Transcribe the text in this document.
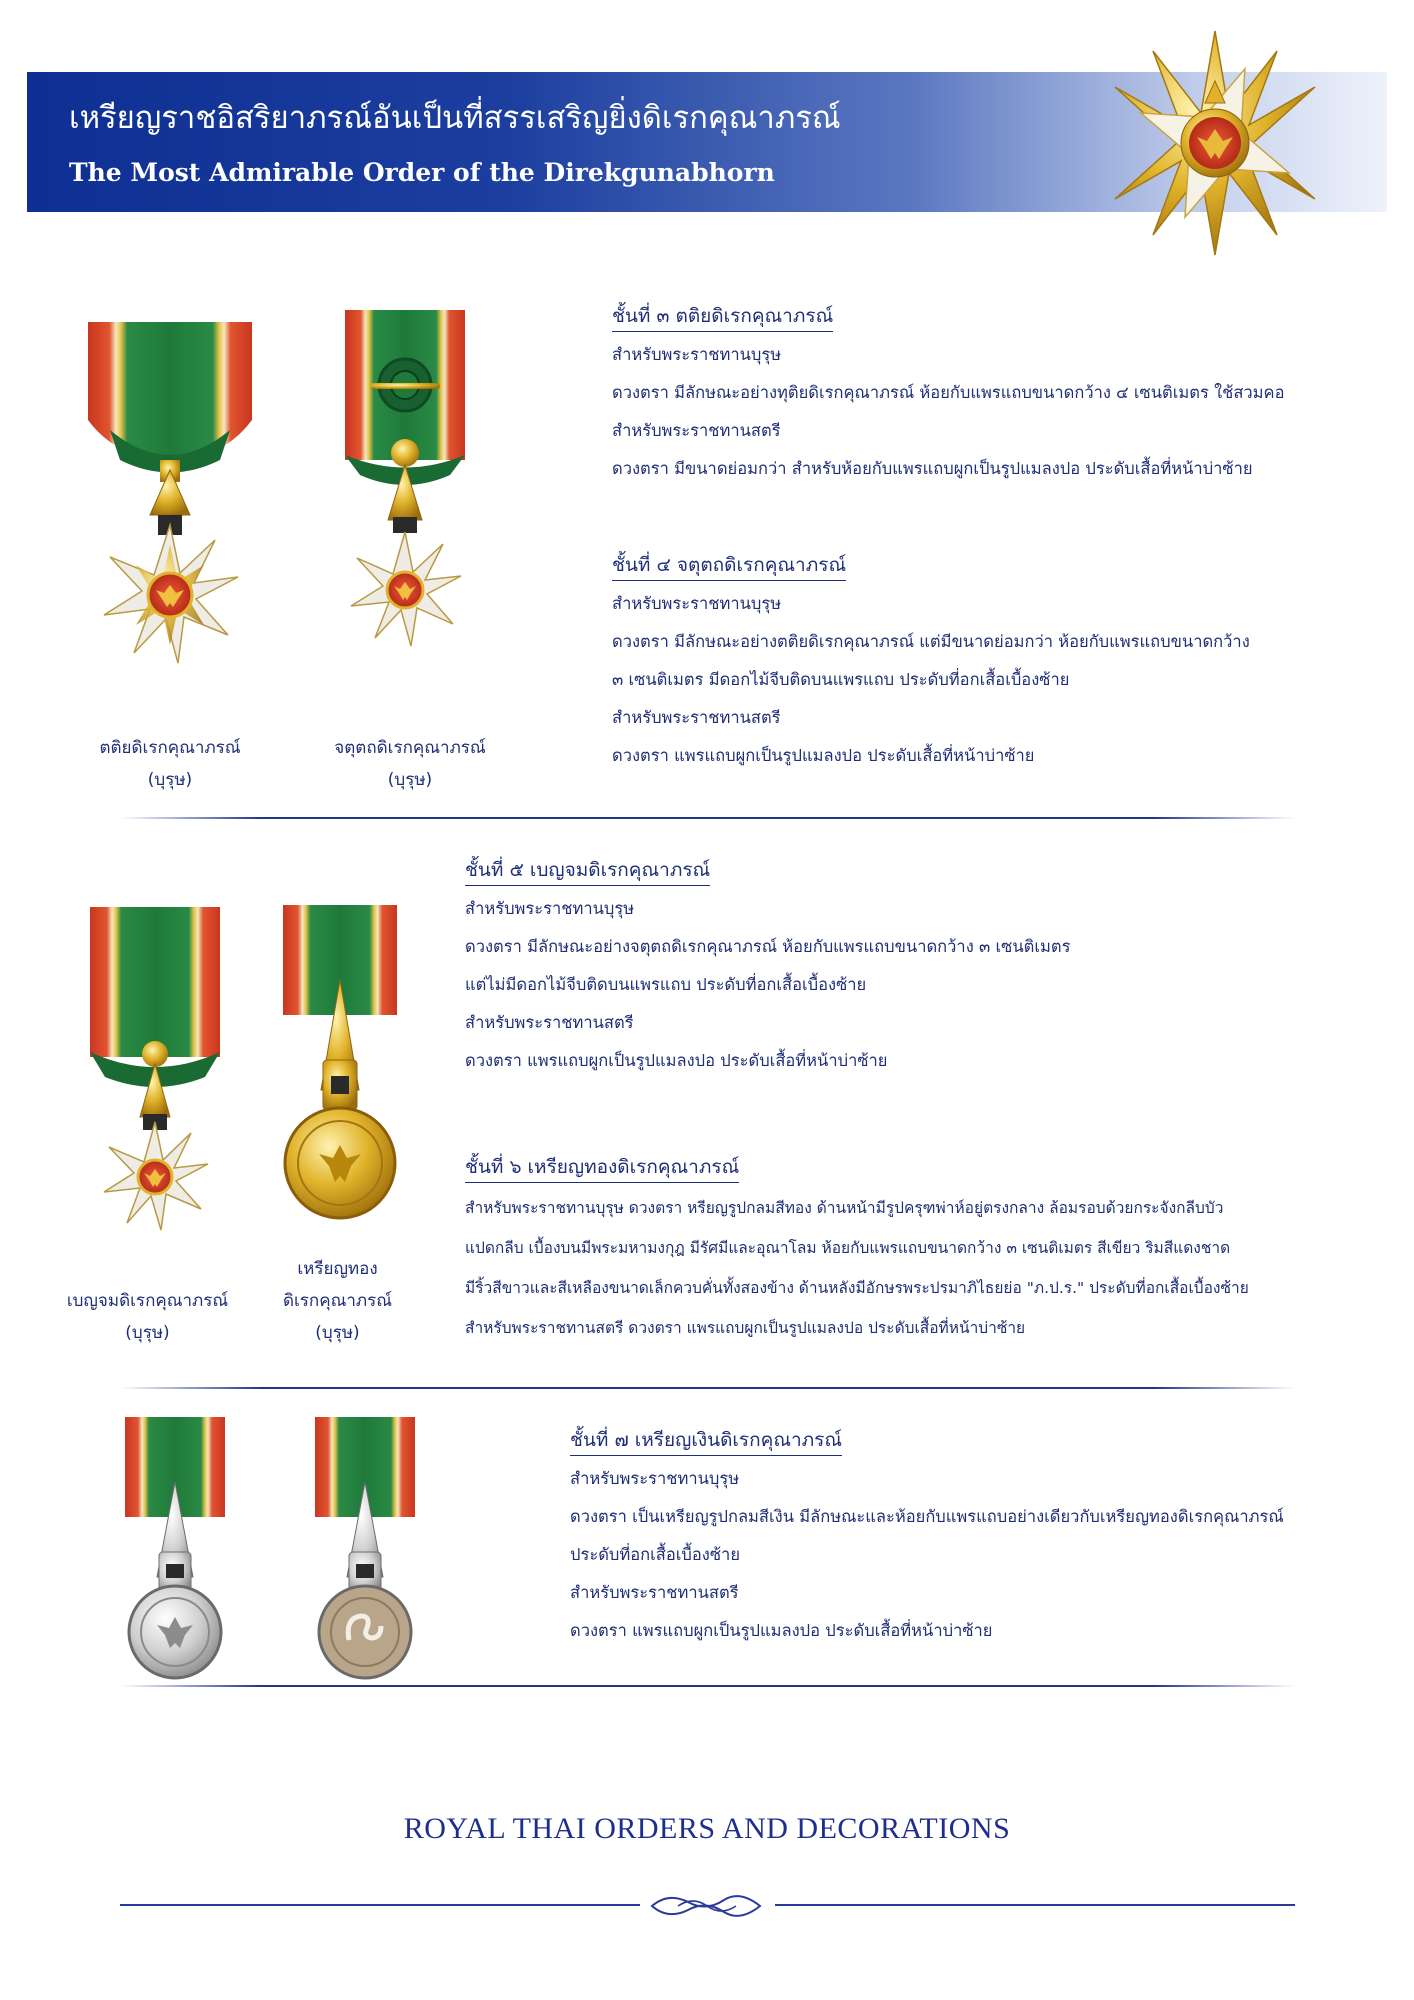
เหรียญราชอิสริยาภรณ์อันเป็นที่สรรเสริญยิ่งดิเรกคุณาภรณ์
The Most Admirable Order of the Direkgunabhorn
ตติยดิเรกคุณาภรณ์
(บุรุษ)
จตุตถดิเรกคุณาภรณ์
(บุรุษ)
ชั้นที่ ๓ ตติยดิเรกคุณาภรณ์
สำหรับพระราชทานบุรุษ
ดวงตรา มีลักษณะอย่างทุติยดิเรกคุณาภรณ์ ห้อยกับแพรแถบขนาดกว้าง ๔ เซนติเมตร ใช้สวมคอ
สำหรับพระราชทานสตรี
ดวงตรา มีขนาดย่อมกว่า สำหรับห้อยกับแพรแถบผูกเป็นรูปแมลงปอ ประดับเสื้อที่หน้าบ่าซ้าย
ชั้นที่ ๔ จตุตถดิเรกคุณาภรณ์
สำหรับพระราชทานบุรุษ
ดวงตรา มีลักษณะอย่างตติยดิเรกคุณาภรณ์ แต่มีขนาดย่อมกว่า ห้อยกับแพรแถบขนาดกว้าง
๓ เซนติเมตร มีดอกไม้จีบติดบนแพรแถบ ประดับที่อกเสื้อเบื้องซ้าย
สำหรับพระราชทานสตรี
ดวงตรา แพรแถบผูกเป็นรูปแมลงปอ ประดับเสื้อที่หน้าบ่าซ้าย
เบญจมดิเรกคุณาภรณ์
(บุรุษ)
เหรียญทอง
ดิเรกคุณาภรณ์
(บุรุษ)
ชั้นที่ ๕ เบญจมดิเรกคุณาภรณ์
สำหรับพระราชทานบุรุษ
ดวงตรา มีลักษณะอย่างจตุตถดิเรกคุณาภรณ์ ห้อยกับแพรแถบขนาดกว้าง ๓ เซนติเมตร
แต่ไม่มีดอกไม้จีบติดบนแพรแถบ ประดับที่อกเสื้อเบื้องซ้าย
สำหรับพระราชทานสตรี
ดวงตรา แพรแถบผูกเป็นรูปแมลงปอ ประดับเสื้อที่หน้าบ่าซ้าย
ชั้นที่ ๖ เหรียญทองดิเรกคุณาภรณ์
สำหรับพระราชทานบุรุษ ดวงตรา หรียญรูปกลมสีทอง ด้านหน้ามีรูปครุฑพ่าห์อยู่ตรงกลาง ล้อมรอบด้วยกระจังกลีบบัว
แปดกลีบ เบื้องบนมีพระมหามงกุฎ มีรัศมีและอุณาโลม ห้อยกับแพรแถบขนาดกว้าง ๓ เซนติเมตร สีเขียว ริมสีแดงชาด
มีริ้วสีขาวและสีเหลืองขนาดเล็กควบคั่นทั้งสองข้าง ด้านหลังมีอักษรพระปรมาภิไธยย่อ "ภ.ป.ร." ประดับที่อกเสื้อเบื้องซ้าย
สำหรับพระราชทานสตรี ดวงตรา แพรแถบผูกเป็นรูปแมลงปอ ประดับเสื้อที่หน้าบ่าซ้าย
ชั้นที่ ๗ เหรียญเงินดิเรกคุณาภรณ์
สำหรับพระราชทานบุรุษ
ดวงตรา เป็นเหรียญรูปกลมสีเงิน มีลักษณะและห้อยกับแพรแถบอย่างเดียวกับเหรียญทองดิเรกคุณาภรณ์
ประดับที่อกเสื้อเบื้องซ้าย
สำหรับพระราชทานสตรี
ดวงตรา แพรแถบผูกเป็นรูปแมลงปอ ประดับเสื้อที่หน้าบ่าซ้าย
ROYAL THAI ORDERS AND DECORATIONS
